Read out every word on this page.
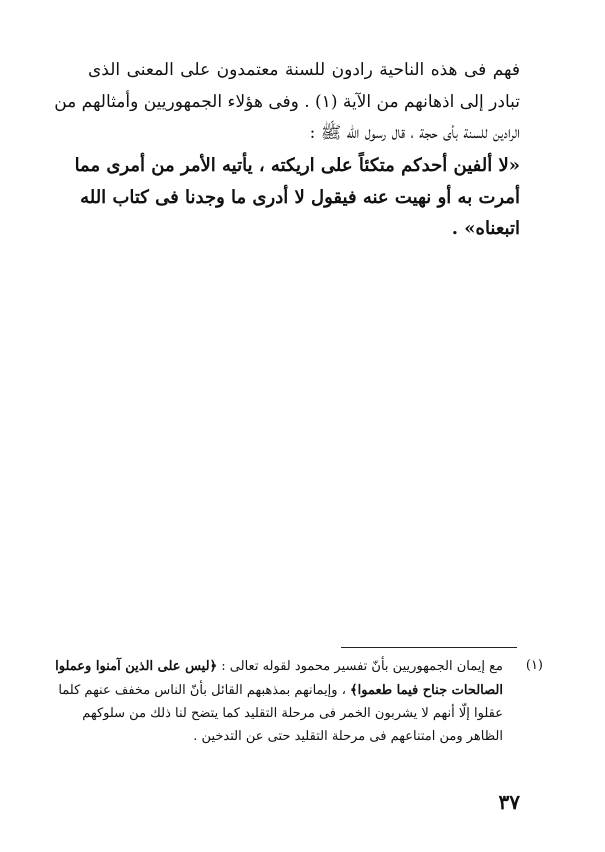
فهم فى هذه الناحية رادون للسنة معتمدون على المعنى الذى
تبادر إلى اذهانهم من الآية (١) . وفى هؤلاء الجمهوريين وأمثالهم من
الرادين للسنة بأى حجة ، قال رسول الله ﷺ :
«لا ألفين أحدكم متكئاً على اريكته ، يأتيه الأمر من أمرى مما
أمرت به أو نهيت عنه فيقول لا أدرى ما وجدنا فى كتاب الله
اتبعناه» .
(١)
مع إيمان الجمهوريين بأنّ تفسير محمود لقوله تعالى : ﴿ليس على الذين آمنوا وعملوا
الصالحات جناح فيما طعموا﴾ ، وإيمانهم بمذهبهم القائل بأنّ الناس مخفف عنهم كلما
عقلوا إلّا أنهم لا يشربون الخمر فى مرحلة التقليد كما يتضح لنا ذلك من سلوكهم
الظاهر ومن امتناعهم فى مرحلة التقليد حتى عن التدخين .
٣٧
